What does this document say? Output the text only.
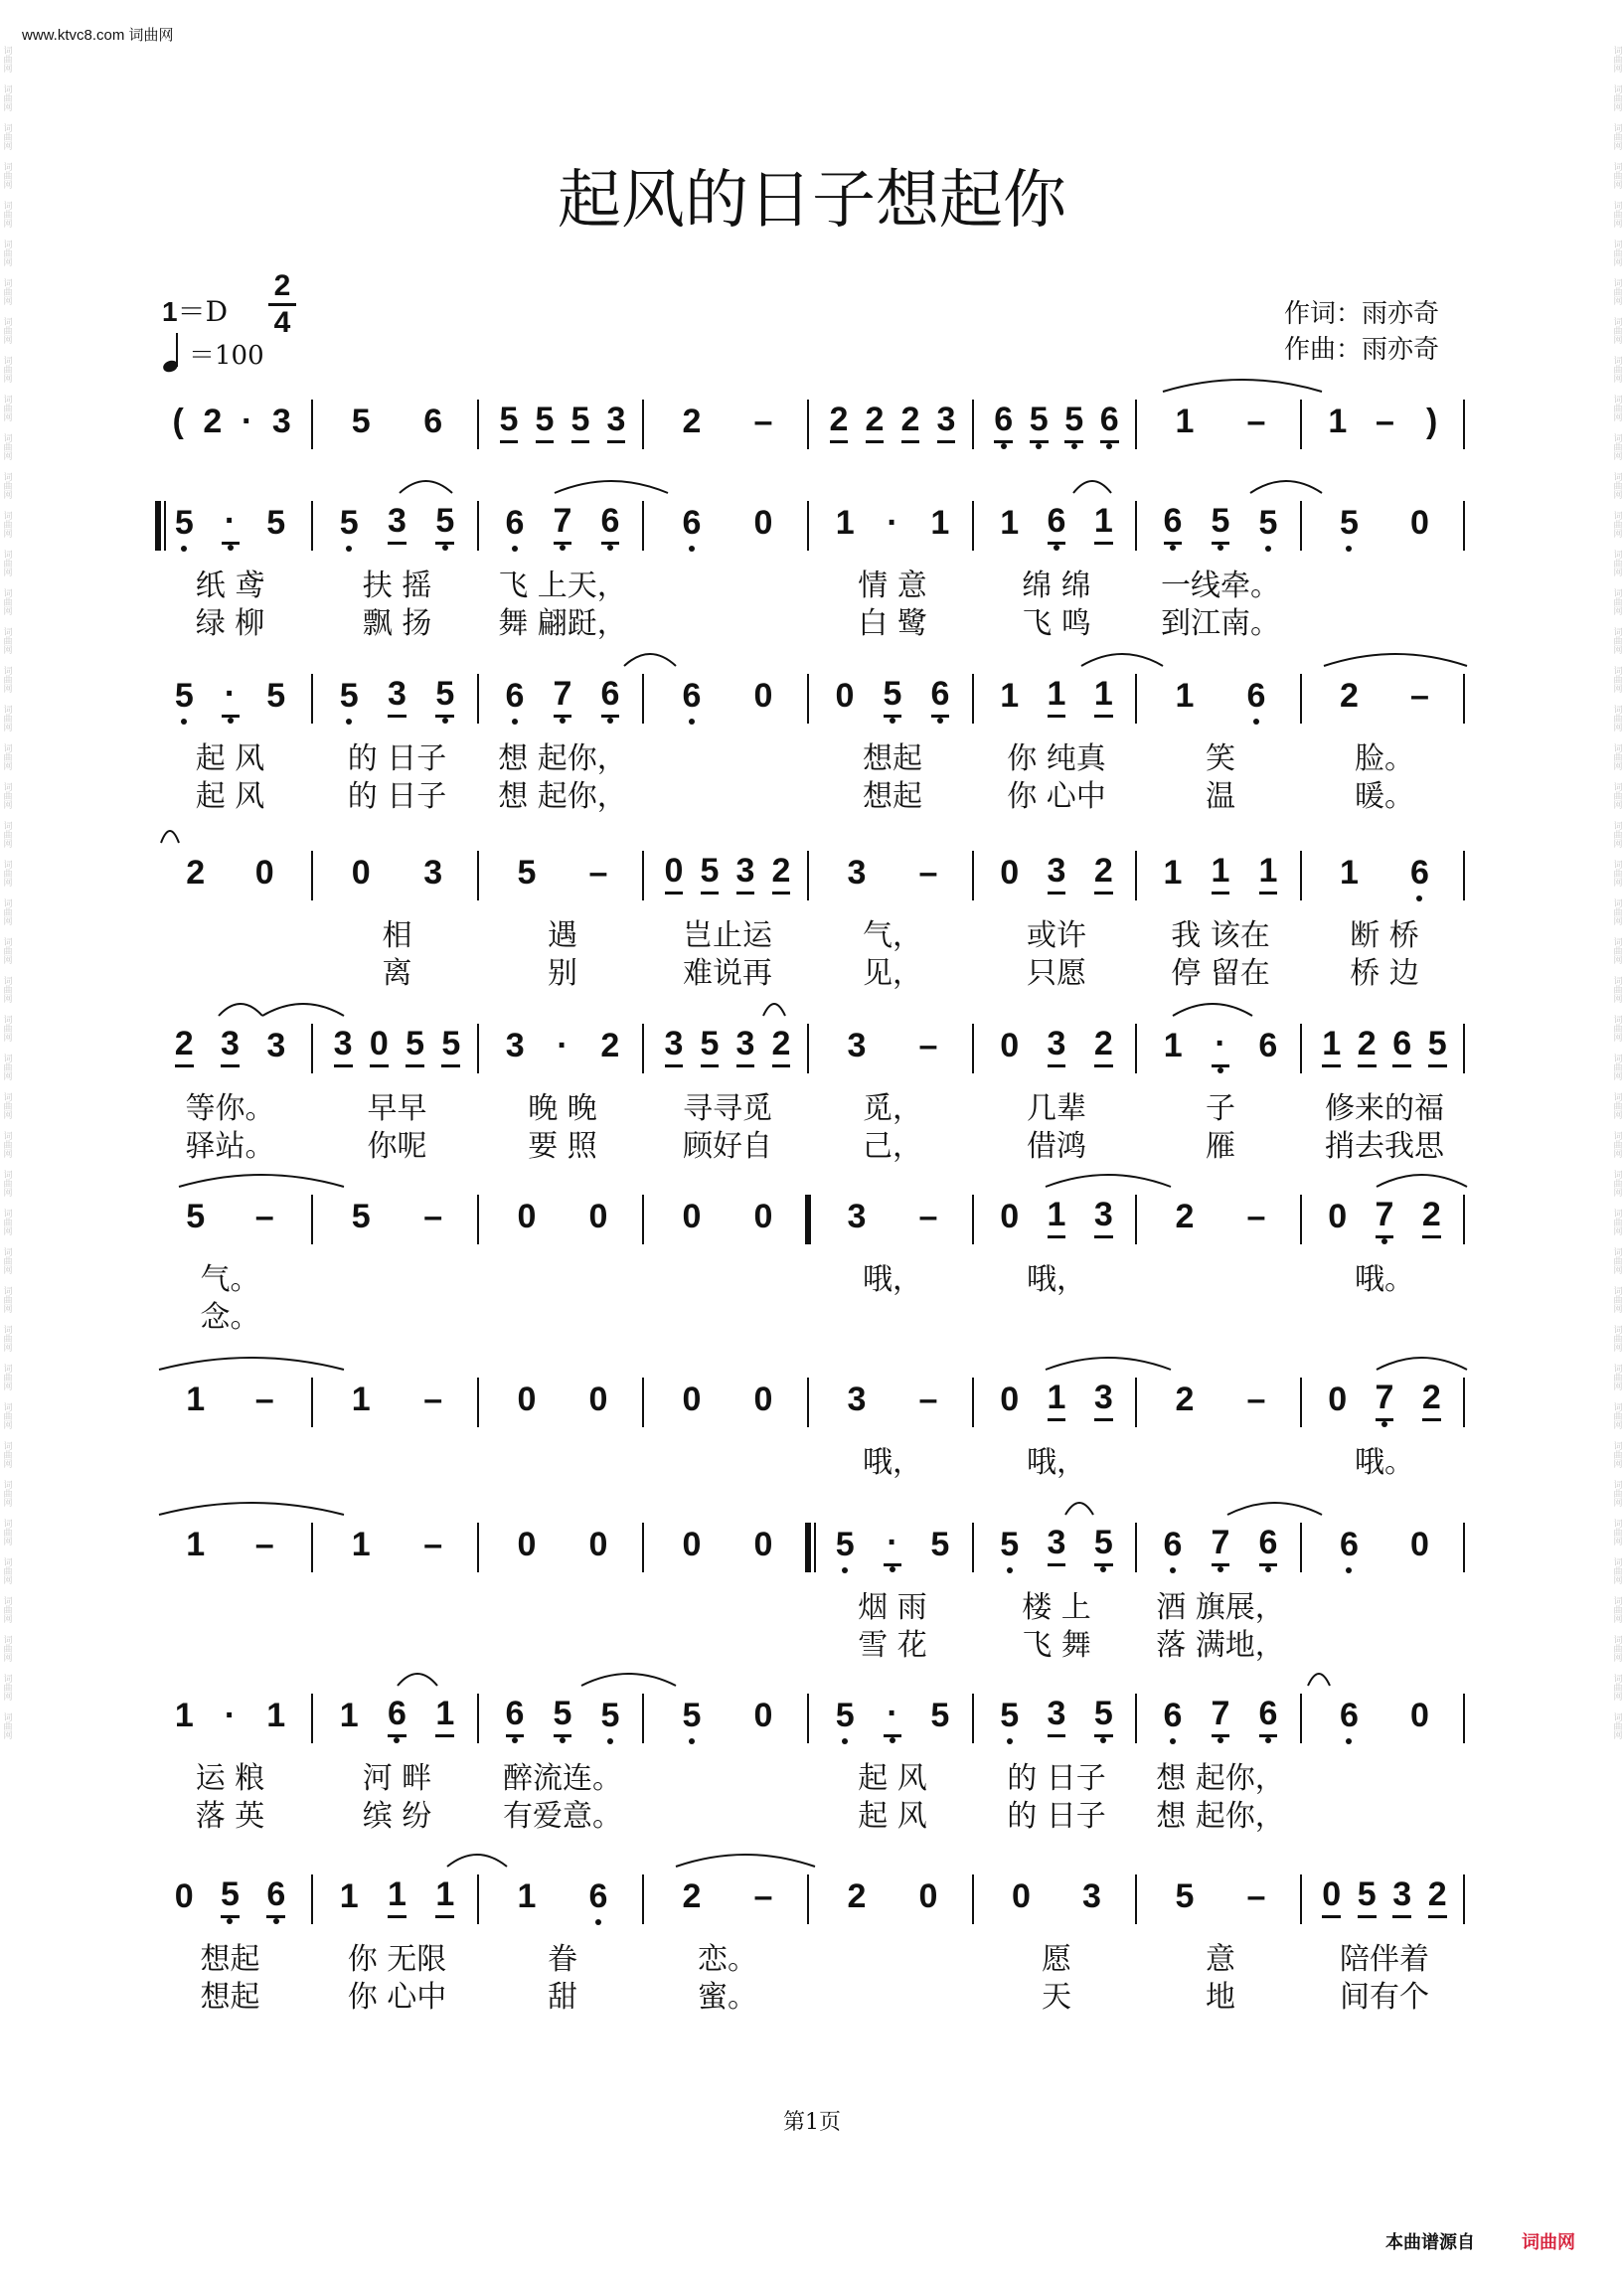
www.ktvc8.com 词曲网
词曲网
词曲网
词曲网
词曲网
词曲网
词曲网
词曲网
词曲网
词曲网
词曲网
词曲网
词曲网
词曲网
词曲网
词曲网
词曲网
词曲网
词曲网
词曲网
词曲网
词曲网
词曲网
词曲网
词曲网
词曲网
词曲网
词曲网
词曲网
词曲网
词曲网
词曲网
词曲网
词曲网
词曲网
词曲网
词曲网
词曲网
词曲网
词曲网
词曲网
词曲网
词曲网
词曲网
词曲网
词曲网
词曲网
词曲网
词曲网
词曲网
词曲网
词曲网
词曲网
词曲网
词曲网
词曲网
词曲网
词曲网
词曲网
词曲网
词曲网
词曲网
词曲网
词曲网
词曲网
词曲网
词曲网
词曲网
词曲网
词曲网
词曲网
词曲网
词曲网
词曲网
词曲网
词曲网
词曲网
词曲网
词曲网
词曲网
词曲网
词曲网
词曲网
词曲网
词曲网
词曲网
词曲网
词曲网
词曲网
起风的日子想起你
1＝D
2
4
＝100
作词：雨亦奇
作曲：雨亦奇
( 2 · 3 5 6 5 5 5 3 2 – 2 2 2 3 6 5 5 6 1 – 1 – )
5 · 5 5 3 5 6 7 6 6 0 1 · 1 1 6 1 6 5 5 5 0
纸 鸢	扶 摇	飞 上天，	情 意	绵 绵	一线牵。
绿 柳	飘 扬	舞 翩跹，	白 鹭	飞 鸣	到江南。
5 · 5 5 3 5 6 7 6 6 0 0 5 6 1 1 1 1 6 2 –
起 风	的 日子	想 起你，	想起	你 纯真	笑	脸。
起 风	的 日子	想 起你，	想起	你 心中	温	暖。
2 0 0 3 5 – 0 5 3 2 3 – 0 3 2 1 1 1 1 6
相	遇	岂止运	气，	或许	我 该在	断 桥
离	别	难说再	见，	只愿	停 留在	桥 边
2 3 3 3 0 5 5 3 · 2 3 5 3 2 3 – 0 3 2 1 · 6 1 2 6 5
等你。	早早	晚 晚	寻寻觅	觅，	几辈	子	修来的福
驿站。	你呢	要 照	顾好自	己，	借鸿	雁	捎去我思
5 – 5 – 0 0 0 0 3 – 0 1 3 2 – 0 7 2
气。	哦，	哦，	哦。
念。
1 – 1 – 0 0 0 0 3 – 0 1 3 2 – 0 7 2
哦，	哦，	哦。
1 – 1 – 0 0 0 0 5 · 5 5 3 5 6 7 6 6 0
烟 雨	楼 上	酒 旗展，
雪 花	飞 舞	落 满地，
1 · 1 1 6 1 6 5 5 5 0 5 · 5 5 3 5 6 7 6 6 0
运 粮	河 畔	醉流连。	起 风	的 日子	想 起你，
落 英	缤 纷	有爱意。	起 风	的 日子	想 起你，
0 5 6 1 1 1 1 6 2 – 2 0 0 3 5 – 0 5 3 2
想起	你 无限	眷	恋。	愿	意	陪伴着
想起	你 心中	甜	蜜。	天	地	间有个
第1页
本曲谱源自	词曲网
